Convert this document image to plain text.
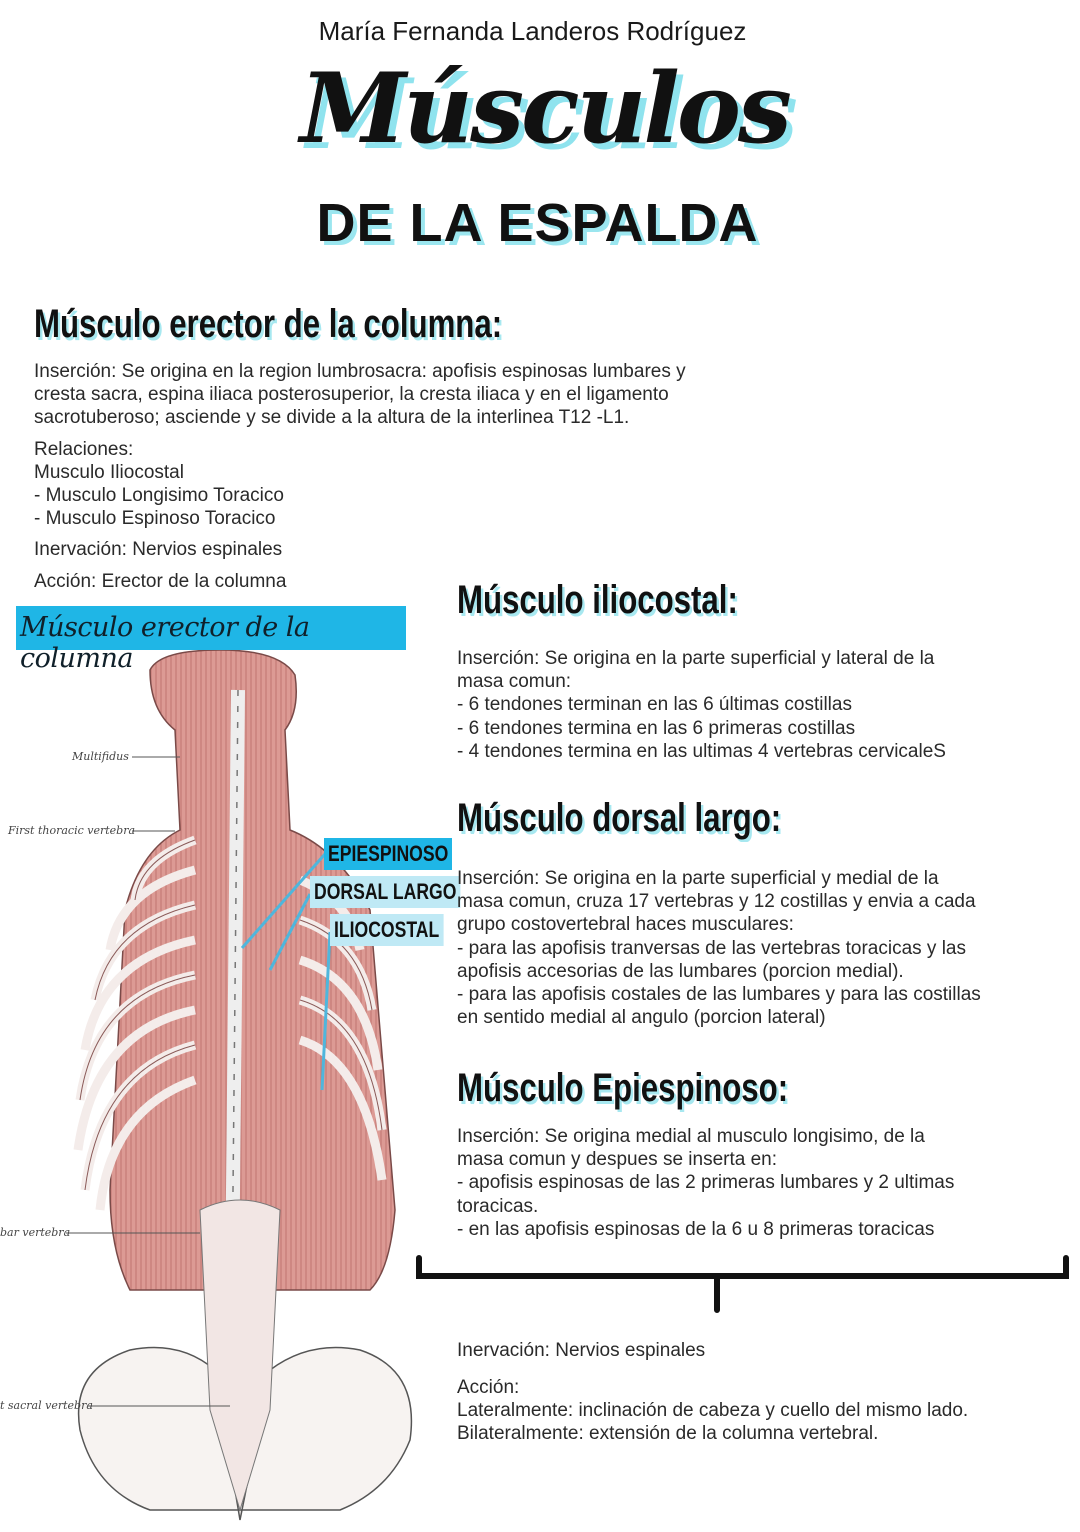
María Fernanda Landeros Rodríguez
Músculos
DE LA ESPALDA
Músculo erector de la columna:
Inserción: Se origina en la region lumbrosacra: apofisis espinosas lumbares y
cresta sacra, espina iliaca posterosuperior, la cresta iliaca y en el ligamento
sacrotuberoso; asciende y se divide a la altura de la interlinea T12 -L1.
Relaciones:
Musculo Iliocostal
- Musculo Longisimo Toracico
- Musculo Espinoso Toracico
Inervación: Nervios espinales
Acción: Erector de la columna
Multifidus
First thoracic vertebra
bar vertebra
t sacral vertebra
Músculo erector de la columna
EPIESPINOSO
DORSAL LARGO
ILIOCOSTAL
Músculo iliocostal:
Inserción: Se origina en la parte superficial y lateral de la
masa comun:
- 6 tendones terminan en las 6 últimas costillas
- 6 tendones termina en las 6 primeras costillas
- 4 tendones termina en las ultimas 4 vertebras cervicaleS
Músculo dorsal largo:
Inserción: Se origina en la parte superficial y medial de la
masa comun, cruza 17 vertebras y 12 costillas y envia a cada
grupo costovertebral haces musculares:
- para las apofisis tranversas de las vertebras toracicas y las
apofisis accesorias de las lumbares (porcion medial).
- para las apofisis costales de las lumbares y para las costillas
en sentido medial al angulo (porcion lateral)
Músculo Epiespinoso:
Inserción: Se origina medial al musculo longisimo, de la
masa comun y despues se inserta en:
- apofisis espinosas de las 2 primeras lumbares y 2 ultimas
toracicas.
- en las apofisis espinosas de la 6 u 8 primeras toracicas
Inervación: Nervios espinales
Acción:
Lateralmente: inclinación de cabeza y cuello del mismo lado.
Bilateralmente: extensión de la columna vertebral.
